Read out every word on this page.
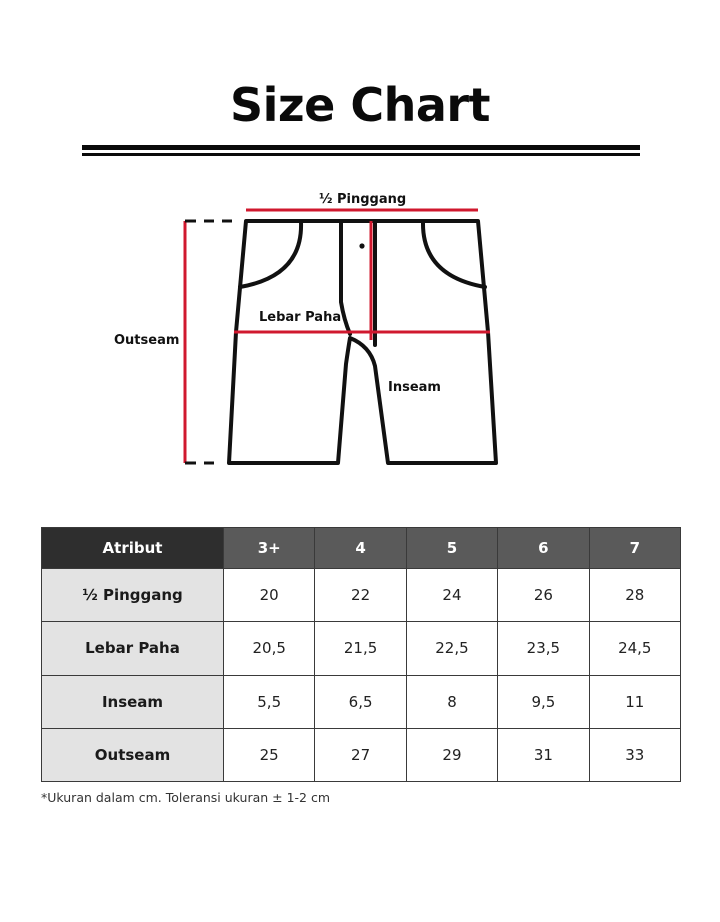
Size Chart
½ Pinggang
Lebar Paha
Inseam
Outseam
Atribut	3+	4	5	6	7
½ Pinggang	20	22	24	26	28
Lebar Paha	20,5	21,5	22,5	23,5	24,5
Inseam	5,5	6,5	8	9,5	11
Outseam	25	27	29	31	33
*Ukuran dalam cm. Toleransi ukuran ± 1-2 cm
